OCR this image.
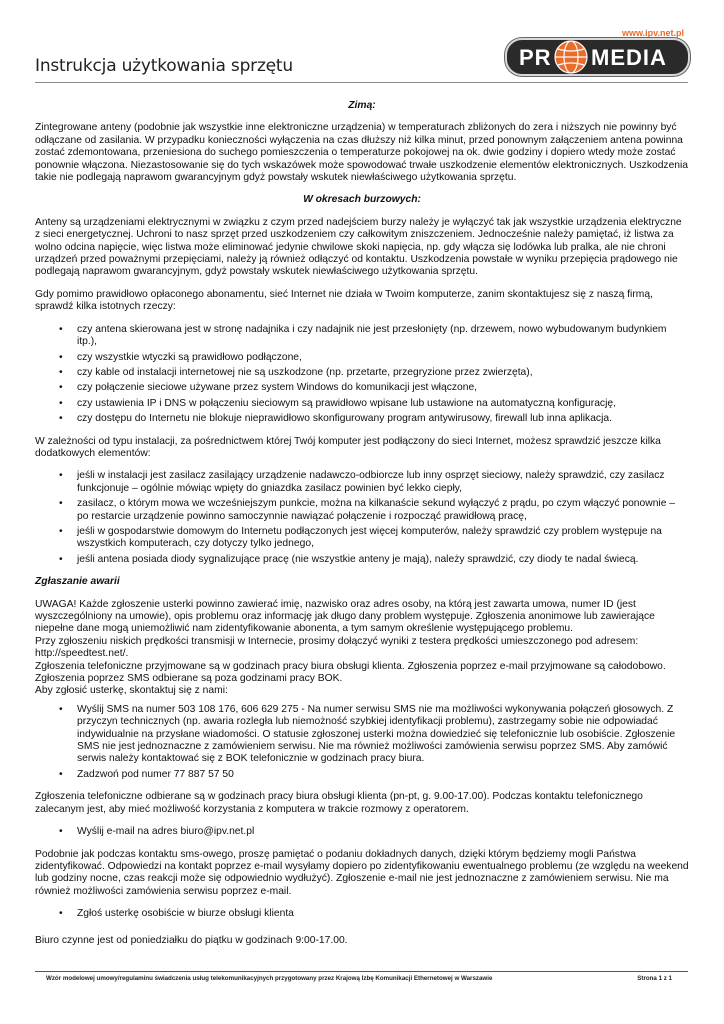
Instrukcja użytkowania sprzętu
www.ipv.net.pl
PR MEDIA

Zimą:

Zintegrowane anteny (podobnie jak wszystkie inne elektroniczne urządzenia) w temperaturach zbliżonych do zera i niższych nie powinny być odłączane od zasilania. W przypadku konieczności wyłączenia na czas dłuższy niż kilka minut, przed ponownym załączeniem antena powinna zostać zdemontowana, przeniesiona do suchego pomieszczenia o temperaturze pokojowej na ok. dwie godziny i dopiero wtedy może zostać ponownie włączona. Niezastosowanie się do tych wskazówek może spowodować trwałe uszkodzenie elementów elektronicznych. Uszkodzenia takie nie podlegają naprawom gwarancyjnym gdyż powstały wskutek niewłaściwego użytkowania sprzętu.

W okresach burzowych:

Anteny są urządzeniami elektrycznymi w związku z czym przed nadejściem burzy należy je wyłączyć tak jak wszystkie urządzenia elektryczne z sieci energetycznej. Uchroni to nasz sprzęt przed uszkodzeniem czy całkowitym zniszczeniem. Jednocześnie należy pamiętać, iż listwa za wolno odcina napięcie, więc listwa może eliminować jedynie chwilowe skoki napięcia, np. gdy włącza się lodówka lub pralka, ale nie chroni urządzeń przed poważnymi przepięciami, należy ją również odłączyć od kontaktu. Uszkodzenia powstałe w wyniku przepięcia prądowego nie podlegają naprawom gwarancyjnym, gdyż powstały wskutek niewłaściwego użytkowania sprzętu.

Gdy pomimo prawidłowo opłaconego abonamentu, sieć Internet nie działa w Twoim komputerze, zanim skontaktujesz się z naszą firmą, sprawdź kilka istotnych rzeczy:

• czy antena skierowana jest w stronę nadajnika i czy nadajnik nie jest przesłonięty (np. drzewem, nowo wybudowanym budynkiem itp.),
• czy wszystkie wtyczki są prawidłowo podłączone,
• czy kable od instalacji internetowej nie są uszkodzone (np. przetarte, przegryzione przez zwierzęta),
• czy połączenie sieciowe używane przez system Windows do komunikacji jest włączone,
• czy ustawienia IP i DNS w połączeniu sieciowym są prawidłowo wpisane lub ustawione na automatyczną konfigurację,
• czy dostępu do Internetu nie blokuje nieprawidłowo skonfigurowany program antywirusowy, firewall lub inna aplikacja.

W zależności od typu instalacji, za pośrednictwem której Twój komputer jest podłączony do sieci Internet, możesz sprawdzić jeszcze kilka dodatkowych elementów:

• jeśli w instalacji jest zasilacz zasilający urządzenie nadawczo-odbiorcze lub inny osprzęt sieciowy, należy sprawdzić, czy zasilacz funkcjonuje – ogólnie mówiąc wpięty do gniazdka zasilacz powinien być lekko ciepły,
• zasilacz, o którym mowa we wcześniejszym punkcie, można na kilkanaście sekund wyłączyć z prądu, po czym włączyć ponownie – po restarcie urządzenie powinno samoczynnie nawiązać połączenie i rozpocząć prawidłową pracę,
• jeśli w gospodarstwie domowym do Internetu podłączonych jest więcej komputerów, należy sprawdzić czy problem występuje na wszystkich komputerach, czy dotyczy tylko jednego,
• jeśli antena posiada diody sygnalizujące pracę (nie wszystkie anteny je mają), należy sprawdzić, czy diody te nadal świecą.

Zgłaszanie awarii

UWAGA! Każde zgłoszenie usterki powinno zawierać imię, nazwisko oraz adres osoby, na którą jest zawarta umowa, numer ID (jest wyszczególniony na umowie), opis problemu oraz informację jak długo dany problem występuje. Zgłoszenia anonimowe lub zawierające niepełne dane mogą uniemożliwić nam zidentyfikowanie abonenta, a tym samym określenie występującego problemu.

Przy zgłoszeniu niskich prędkości transmisji w Internecie, prosimy dołączyć wyniki z testera prędkości umieszczonego pod adresem:

http://speedtest.net/.

Zgłoszenia telefoniczne przyjmowane są w godzinach pracy biura obsługi klienta. Zgłoszenia poprzez e-mail przyjmowane są całodobowo.

Zgłoszenia poprzez SMS odbierane są poza godzinami pracy BOK.

Aby zgłosić usterkę, skontaktuj się z nami:

• Wyślij SMS na numer 503 108 176, 606 629 275 - Na numer serwisu SMS nie ma możliwości wykonywania połączeń głosowych. Z przyczyn technicznych (np. awaria rozległa lub niemożność szybkiej identyfikacji problemu), zastrzegamy sobie nie odpowiadać indywidualnie na przysłane wiadomości. O statusie zgłoszonej usterki można dowiedzieć się telefonicznie lub osobiście. Zgłoszenie SMS nie jest jednoznaczne z zamówieniem serwisu. Nie ma również możliwości zamówienia serwisu poprzez SMS. Aby zamówić serwis należy kontaktować się z BOK telefonicznie w godzinach pracy biura.
• Zadzwoń pod numer 77 887 57 50

Zgłoszenia telefoniczne odbierane są w godzinach pracy biura obsługi klienta (pn-pt, g. 9.00-17.00). Podczas kontaktu telefonicznego zalecanym jest, aby mieć możliwość korzystania z komputera w trakcie rozmowy z operatorem.

• Wyślij e-mail na adres biuro@ipv.net.pl

Podobnie jak podczas kontaktu sms-owego, proszę pamiętać o podaniu dokładnych danych, dzięki którym będziemy mogli Państwa zidentyfikować. Odpowiedzi na kontakt poprzez e-mail wysyłamy dopiero po zidentyfikowaniu ewentualnego problemu (ze względu na weekend lub godziny nocne, czas reakcji może się odpowiednio wydłużyć). Zgłoszenie e-mail nie jest jednoznaczne z zamówieniem serwisu. Nie ma również możliwości zamówienia serwisu poprzez e-mail.

• Zgłoś usterkę osobiście w biurze obsługi klienta

Biuro czynne jest od poniedziałku do piątku w godzinach 9:00-17.00.

Wzór modelowej umowy/regulaminu świadczenia usług telekomunikacyjnych przygotowany przez Krajową Izbę Komunikacji Ethernetowej w Warszawie	Strona 1 z 1
